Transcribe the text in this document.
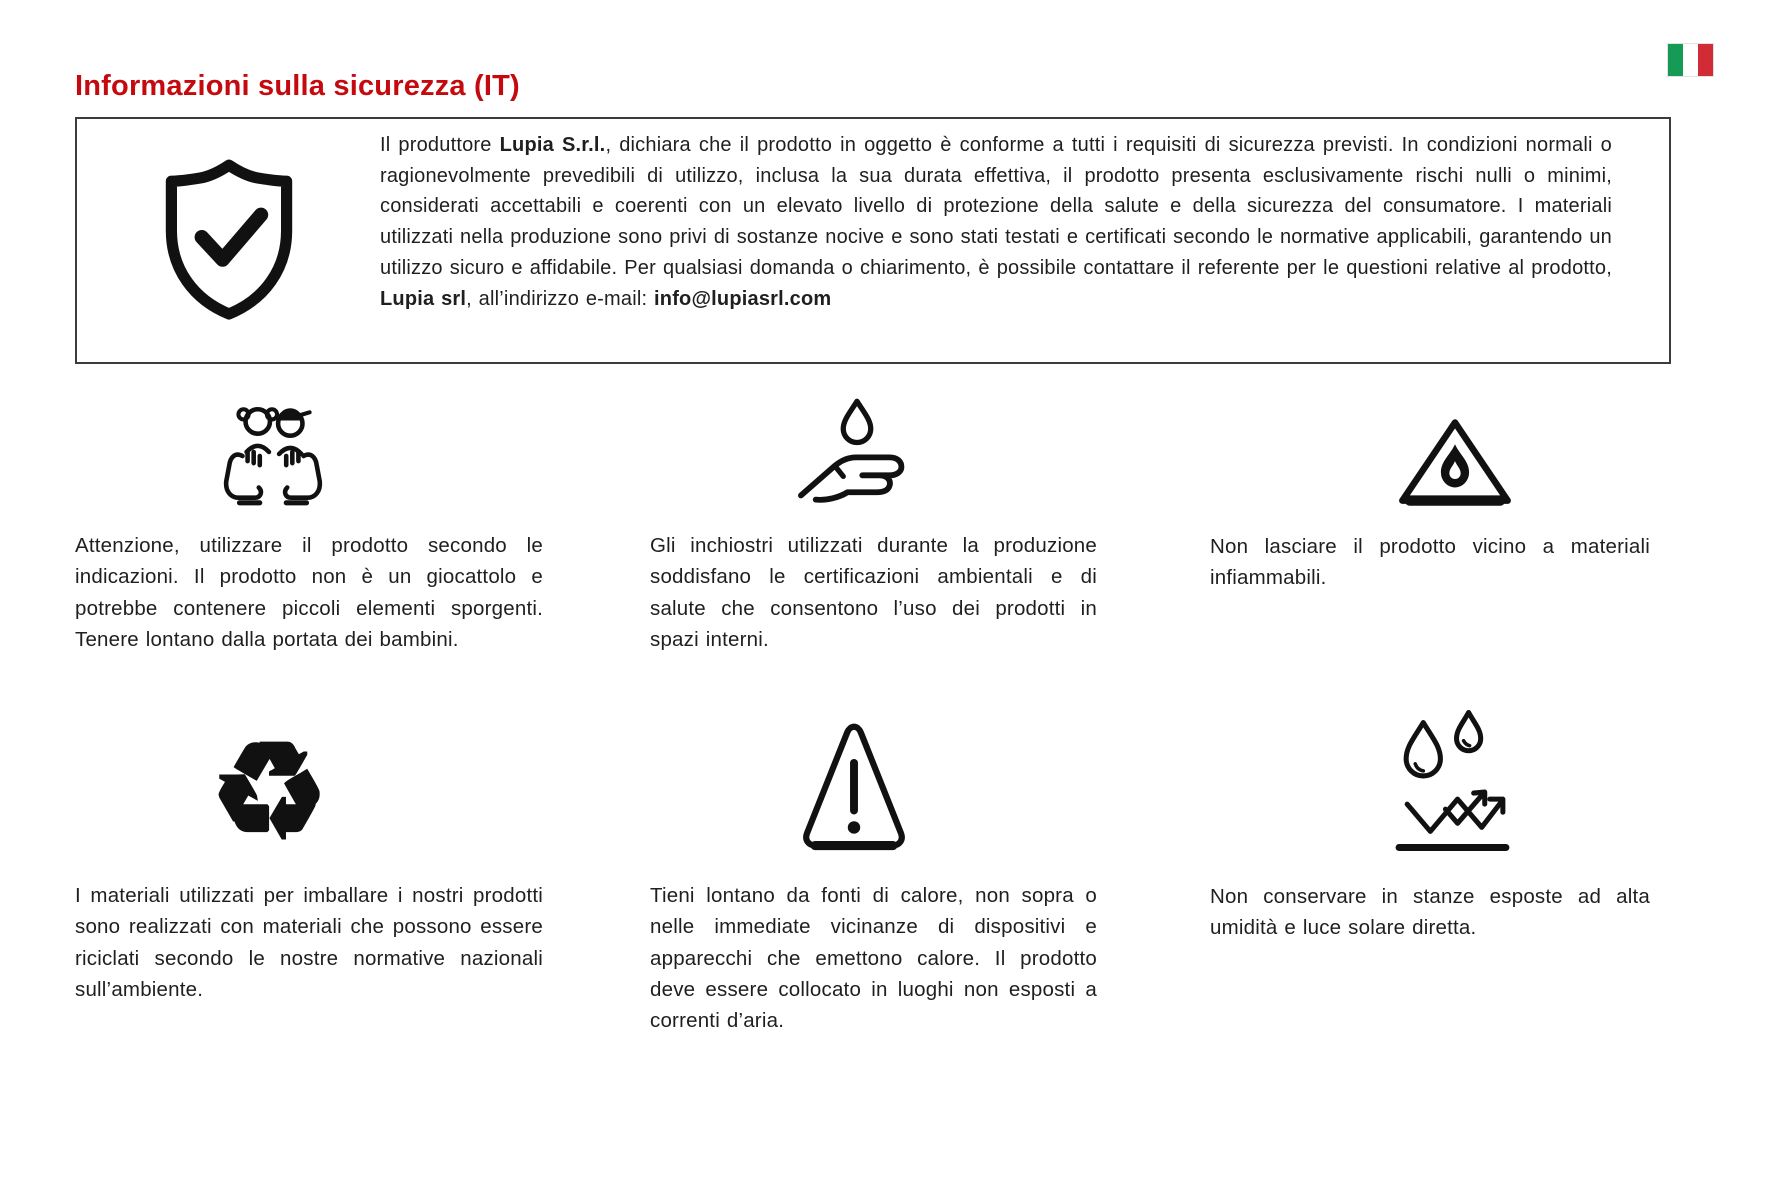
Informazioni sulla sicurezza (IT)

Il produttore Lupia S.r.l., dichiara che il prodotto in oggetto è conforme a tutti i requisiti di sicurezza previsti. In condizioni normali o ragionevolmente prevedibili di utilizzo, inclusa la sua durata effettiva, il prodotto presenta esclusivamente rischi nulli o minimi, considerati accettabili e coerenti con un elevato livello di protezione della salute e della sicurezza del consumatore. I materiali utilizzati nella produzione sono privi di sostanze nocive e sono stati testati e certificati secondo le normative applicabili, garantendo un utilizzo sicuro e affidabile. Per qualsiasi domanda o chiarimento, è possibile contattare il referente per le questioni relative al prodotto, Lupia srl, all’indirizzo e-mail: info@lupiasrl.com

♻

Attenzione, utilizzare il prodotto secondo le indicazioni. Il prodotto non è un giocattolo e potrebbe contenere piccoli elementi sporgenti. Tenere lontano dalla portata dei bambini.

Gli inchiostri utilizzati durante la produzione soddisfano le certificazioni ambientali e di salute che consentono l’uso dei prodotti in spazi interni.

Non lasciare il prodotto vicino a materiali infiammabili.

I materiali utilizzati per imballare i nostri prodotti sono realizzati con materiali che possono essere riciclati secondo le nostre normative nazionali sull’ambiente.

Tieni lontano da fonti di calore, non sopra o nelle immediate vicinanze di dispositivi e apparecchi che emettono calore. Il prodotto deve essere collocato in luoghi non esposti a correnti d’aria.

Non conservare in stanze esposte ad alta umidità e luce solare diretta.
